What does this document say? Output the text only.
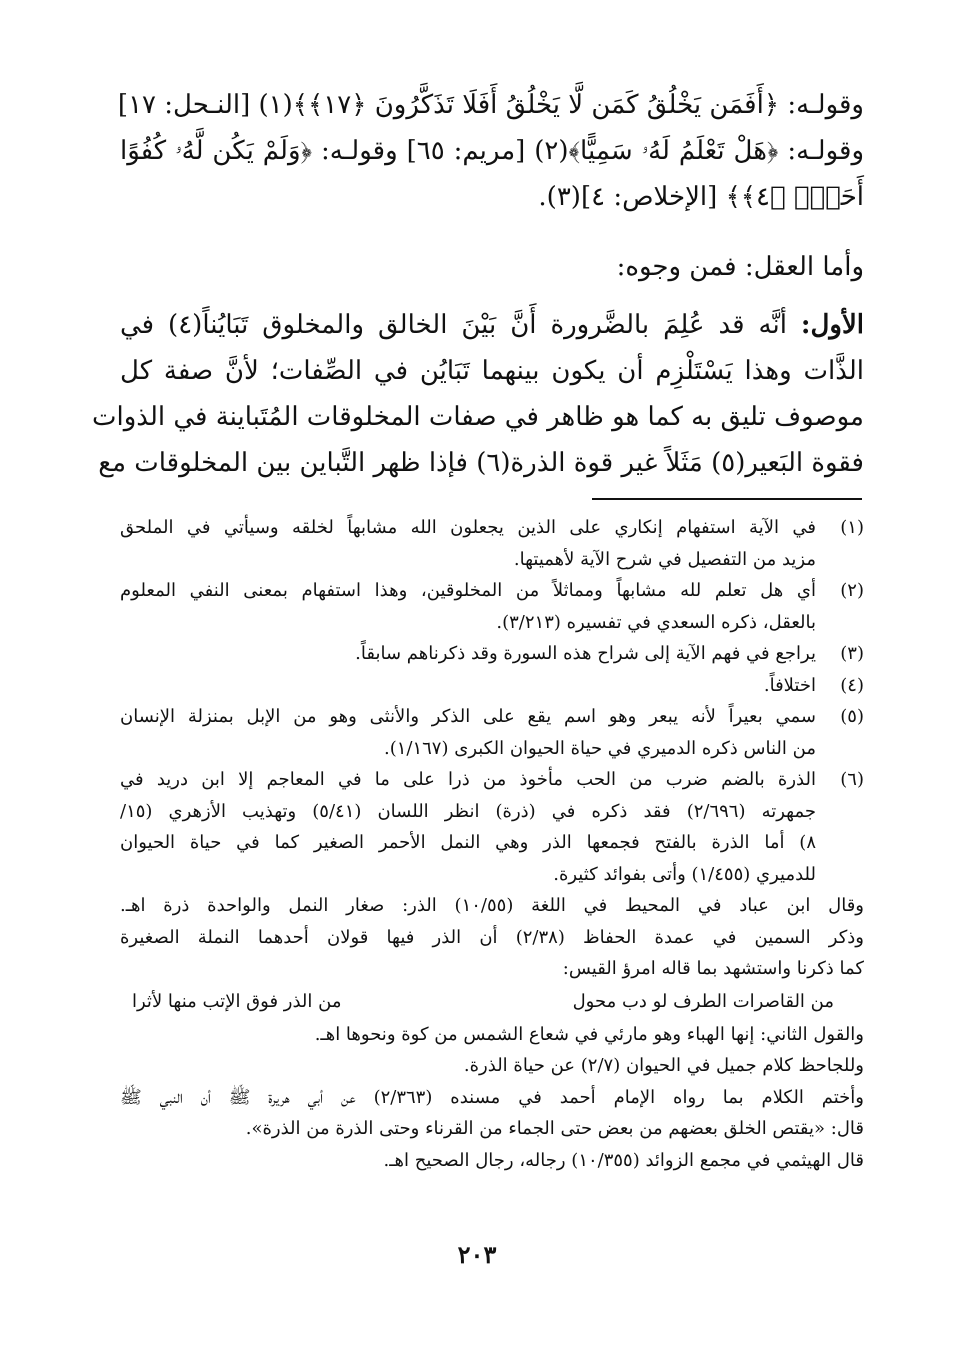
وقولـه: ﴿أَفَمَن يَخْلُقُ كَمَن لَّا يَخْلُقُ أَفَلَا تَذَكَّرُونَ ﴿١٧﴾﴾(١) [النـحل: ١٧]
وقولـه: ﴿هَلْ تَعْلَمُ لَهُۥ سَمِيًّا﴾(٢) [مريم: ٦٥] وقولـه: ﴿وَلَمْ يَكُن لَّهُۥ كُفُوًا
أَحَدٌۢ ﴿٤﴾﴾ [الإخلاص: ٤](٣).
وأما العقل: فمن وجوه:
الأول: أنَّه قد عُلِمَ بالضَّرورة أَنَّ بَيْنَ الخالق والمخلوق تَبَايُناً(٤) في
الذَّات وهذا يَسْتَلْزِم أن يكون بينهما تَبَايُن في الصِّفات؛ لأنَّ صفة كل
موصوف تليق به كما هو ظاهر في صفات المخلوقات المُتَباينة في الذوات
فقوة البَعير(٥) مَثَلاً غير قوة الذرة(٦) فإذا ظهر التَّباين بين المخلوقات مع
(١)
في الآية استفهام إنكاري على الذين يجعلون الله مشابهاً لخلقه وسيأتي في الملحق
مزيد من التفصيل في شرح الآية لأهميتها.
(٢)
أي هل تعلم لله مشابهاً ومماثلاً من المخلوقين، وهذا استفهام بمعنى النفي المعلوم
بالعقل، ذكره السعدي في تفسيره (٣/٢١٣).
(٣)
يراجع في فهم الآية إلى شراح هذه السورة وقد ذكرناهم سابقاً.
(٤)
اختلافاً.
(٥)
سمي بعيراً لأنه يبعر وهو اسم يقع على الذكر والأنثى وهو من الإبل بمنزلة الإنسان
من الناس ذكره الدميري في حياة الحيوان الكبرى (١/١٦٧).
(٦)
الذرة بالضم ضرب من الحب مأخوذ من ذرا على ما في المعاجم إلا ابن دريد في
جمهرته (٢/٦٩٦) فقد ذكره في (ذرة) انظر اللسان (٥/٤١) وتهذيب الأزهري (١٥/
٨) أما الذرة بالفتح فجمعها الذر وهي النمل الأحمر الصغير كما في حياة الحيوان
للدميري (١/٤٥٥) وأتى بفوائد كثيرة.
وقال ابن عباد في المحيط في اللغة (١٠/٥٥) الذر: صغار النمل والواحدة ذرة اهـ.
وذكر السمين في عمدة الحفاظ (٢/٣٨) أن الذر فيها قولان أحدهما النملة الصغيرة
كما ذكرنا واستشهد بما قاله امرؤ القيس:
من القاصرات الطرف لو دب محول
من الذر فوق الإتب منها لأثرا
والقول الثاني: إنها الهباء وهو مارئي في شعاع الشمس من كوة ونحوها اهـ.
وللجاحظ كلام جميل في الحيوان (٢/٧) عن حياة الذرة.
وأختم الكلام بما رواه الإمام أحمد في مسنده (٢/٣٦٣) عن أبي هريرة ﷺ أن النبي ﷺ
قال: «يقتص الخلق بعضهم من بعض حتى الجماء من القرناء وحتى الذرة من الذرة».
قال الهيثمي في مجمع الزوائد (١٠/٣٥٥) رجاله، رجال الصحيح اهـ.
٢٠٣
